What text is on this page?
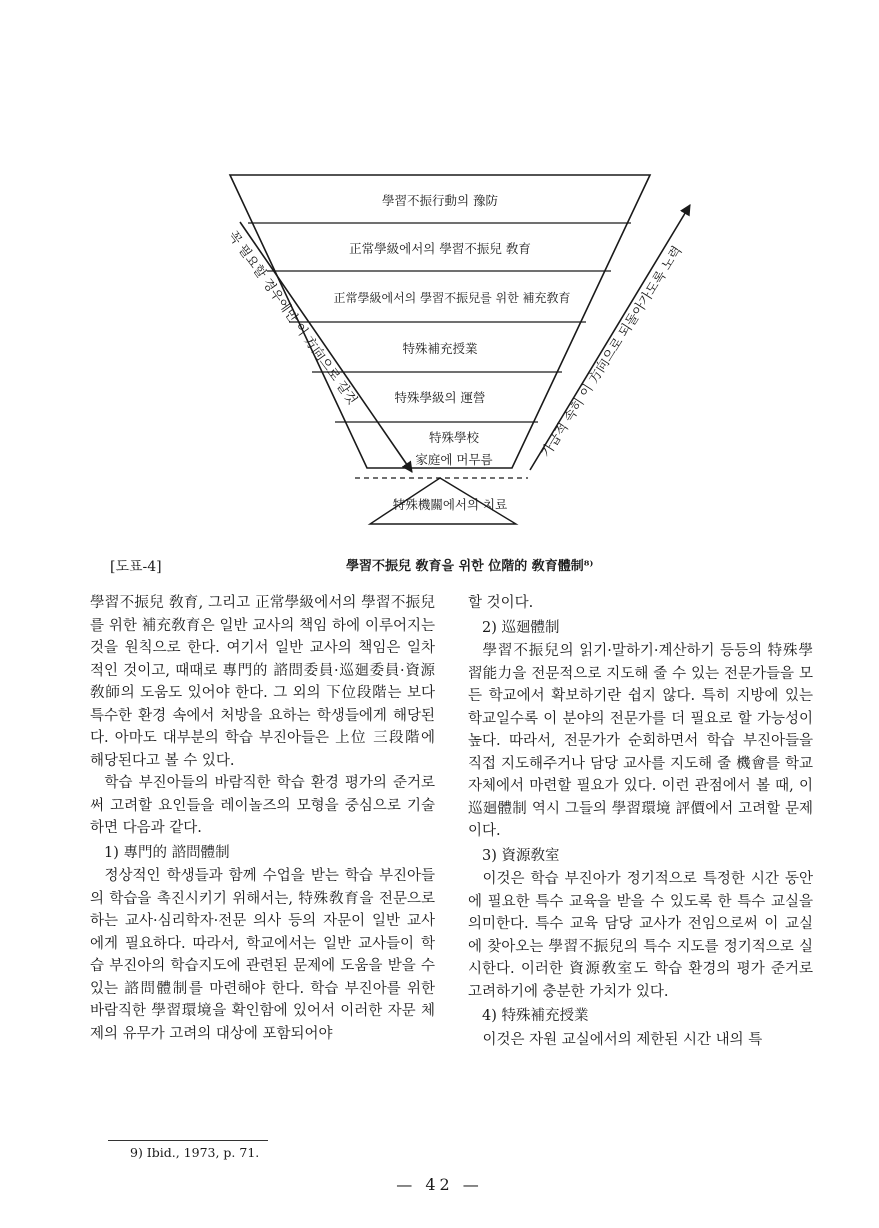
學習不振行動의 豫防
正常學級에서의 學習不振兒 敎育
正常學級에서의 學習不振兒를 위한 補充敎育
特殊補充授業
特殊學級의 運營
特殊學校
家庭에 머무름
特殊機關에서의 치료
꼭 필요할 경우에만 이 方向으로 갈것
가급적 속히 이 方向으로 되돌아가도록 노력
[도표-4]	學習不振兒 敎育을 위한 位階的 敎育體制⁸⁾

學習不振兒 敎育, 그리고 正常學級에서의 學習不振兒를 위한 補充敎育은 일반 교사의 책임 하에 이루어지는 것을 원칙으로 한다. 여기서 일반 교사의 책임은 일차적인 것이고, 때때로 專門的 諮問委員·巡廻委員·資源敎師의 도움도 있어야 한다. 그 외의 下位段階는 보다 특수한 환경 속에서 처방을 요하는 학생들에게 해당된다. 아마도 대부분의 학습 부진아들은 上位 三段階에 해당된다고 볼 수 있다.

학습 부진아들의 바람직한 학습 환경 평가의 준거로써 고려할 요인들을 레이놀즈의 모형을 중심으로 기술하면 다음과 같다.

1) 專門的 諮問體制

정상적인 학생들과 함께 수업을 받는 학습 부진아들의 학습을 촉진시키기 위해서는, 特殊敎育을 전문으로 하는 교사·심리학자·전문 의사 등의 자문이 일반 교사에게 필요하다. 따라서, 학교에서는 일반 교사들이 학습 부진아의 학습지도에 관련된 문제에 도움을 받을 수 있는 諮問體制를 마련해야 한다. 학습 부진아를 위한 바람직한 學習環境을 확인함에 있어서 이러한 자문 체제의 유무가 고려의 대상에 포함되어야

할 것이다.

2) 巡廻體制

學習不振兒의 읽기·말하기·계산하기 등등의 特殊學習能力을 전문적으로 지도해 줄 수 있는 전문가들을 모든 학교에서 확보하기란 쉽지 않다. 특히 지방에 있는 학교일수록 이 분야의 전문가를 더 필요로 할 가능성이 높다. 따라서, 전문가가 순회하면서 학습 부진아들을 직접 지도해주거나 담당 교사를 지도해 줄 機會를 학교 자체에서 마련할 필요가 있다. 이런 관점에서 볼 때, 이 巡廻體制 역시 그들의 學習環境 評價에서 고려할 문제이다.

3) 資源敎室

이것은 학습 부진아가 정기적으로 특정한 시간 동안에 필요한 특수 교육을 받을 수 있도록 한 특수 교실을 의미한다. 특수 교육 담당 교사가 전임으로써 이 교실에 찾아오는 學習不振兒의 특수 지도를 정기적으로 실시한다. 이러한 資源敎室도 학습 환경의 평가 준거로 고려하기에 충분한 가치가 있다.

4) 特殊補充授業

이것은 자원 교실에서의 제한된 시간 내의 특

9) Ibid., 1973, p. 71.
— 42 —
